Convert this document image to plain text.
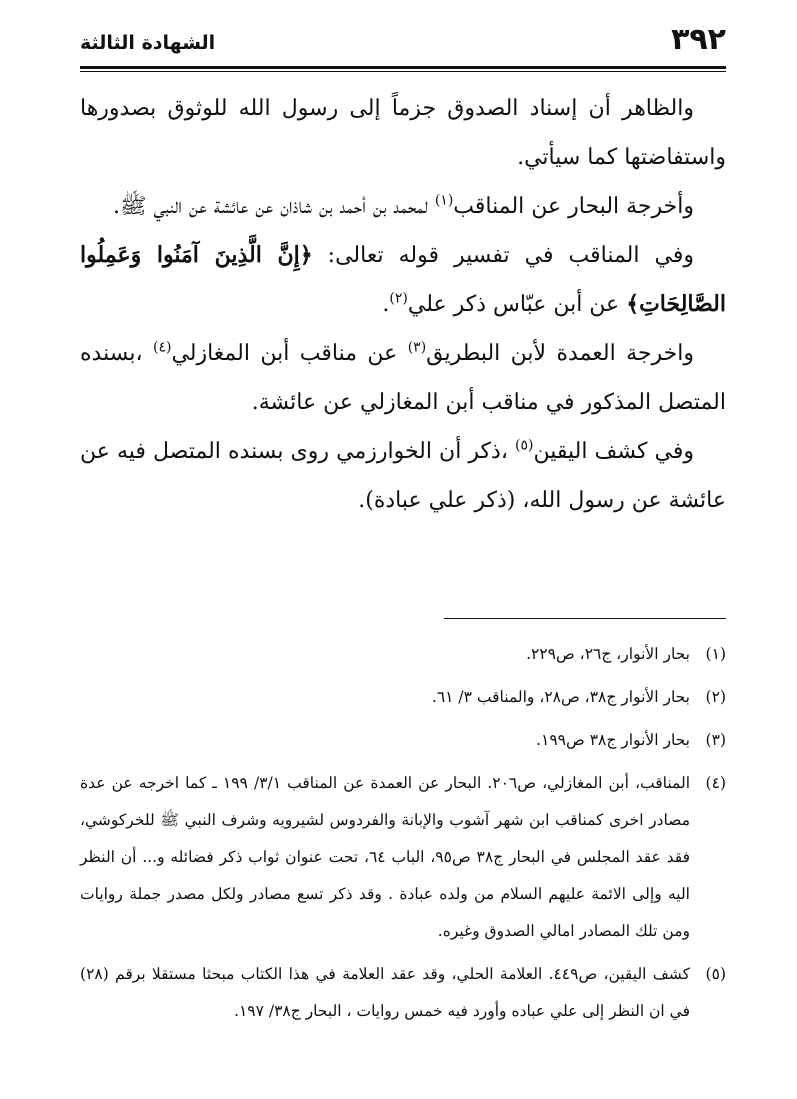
٣٩٢
الشهادة الثالثة

والظاهر أن إسناد الصدوق جزماً إلى رسول الله للوثوق بصدورها واستفاضتها كما سيأتي.

وأخرجة البحار عن المناقب$^{(١)}$ لمحمد بن أحمد بن شاذان عن عائشة عن النبي ﷺ.

وفي المناقب في تفسير قوله تعالى: ﴿إِنَّ الَّذِينَ آمَنُوا وَعَمِلُوا الصَّالِحَاتِ﴾ عن أبن عبّاس ذكر علي$^{(٢)}$.

واخرجة العمدة لأبن البطريق$^{(٣)}$ عن مناقب أبن المغازلي$^{(٤)}$ ،بسنده المتصل المذكور في مناقب أبن المغازلي عن عائشة.

وفي كشف اليقين$^{(٥)}$ ،ذكر أن الخوارزمي روى بسنده المتصل فيه عن عائشة عن رسول الله، (ذكر علي عبادة).

(١)
بحار الأنوار، ج٢٦، ص٢٢٩.
(٢)
بحار الأنوار ج٣٨، ص٢٨، والمناقب ٣/ ٦١.
(٣)
بحار الأنوار ج٣٨ ص١٩٩.
(٤)
المناقب، أبن المغازلي، ص٢٠٦. البحار عن العمدة عن المناقب ٣/١/ ١٩٩ ـ كما اخرجه عن عدة مصادر اخرى كمناقب ابن شهر آشوب والإبانة والفردوس لشيرويه وشرف النبي ﷺ للخركوشي، فقد عقد المجلس في البحار ج٣٨ ص٩٥، الباب ٦٤، تحت عنوان ثواب ذكر فضائله و... أن النظر اليه وإلى الائمة عليهم السلام من ولده عبادة . وقد ذكر تسع مصادر ولكل مصدر جملة روايات ومن تلك المصادر امالي الصدوق وغيره.
(٥)
كشف اليقين، ص٤٤٩. العلامة الحلي، وقد عقد العلامة في هذا الكتاب مبحثا مستقلا برقم (٢٨) في ان النظر إلى علي عباده وأورد فيه خمس روايات ، البحار ج٣٨/ ١٩٧.
